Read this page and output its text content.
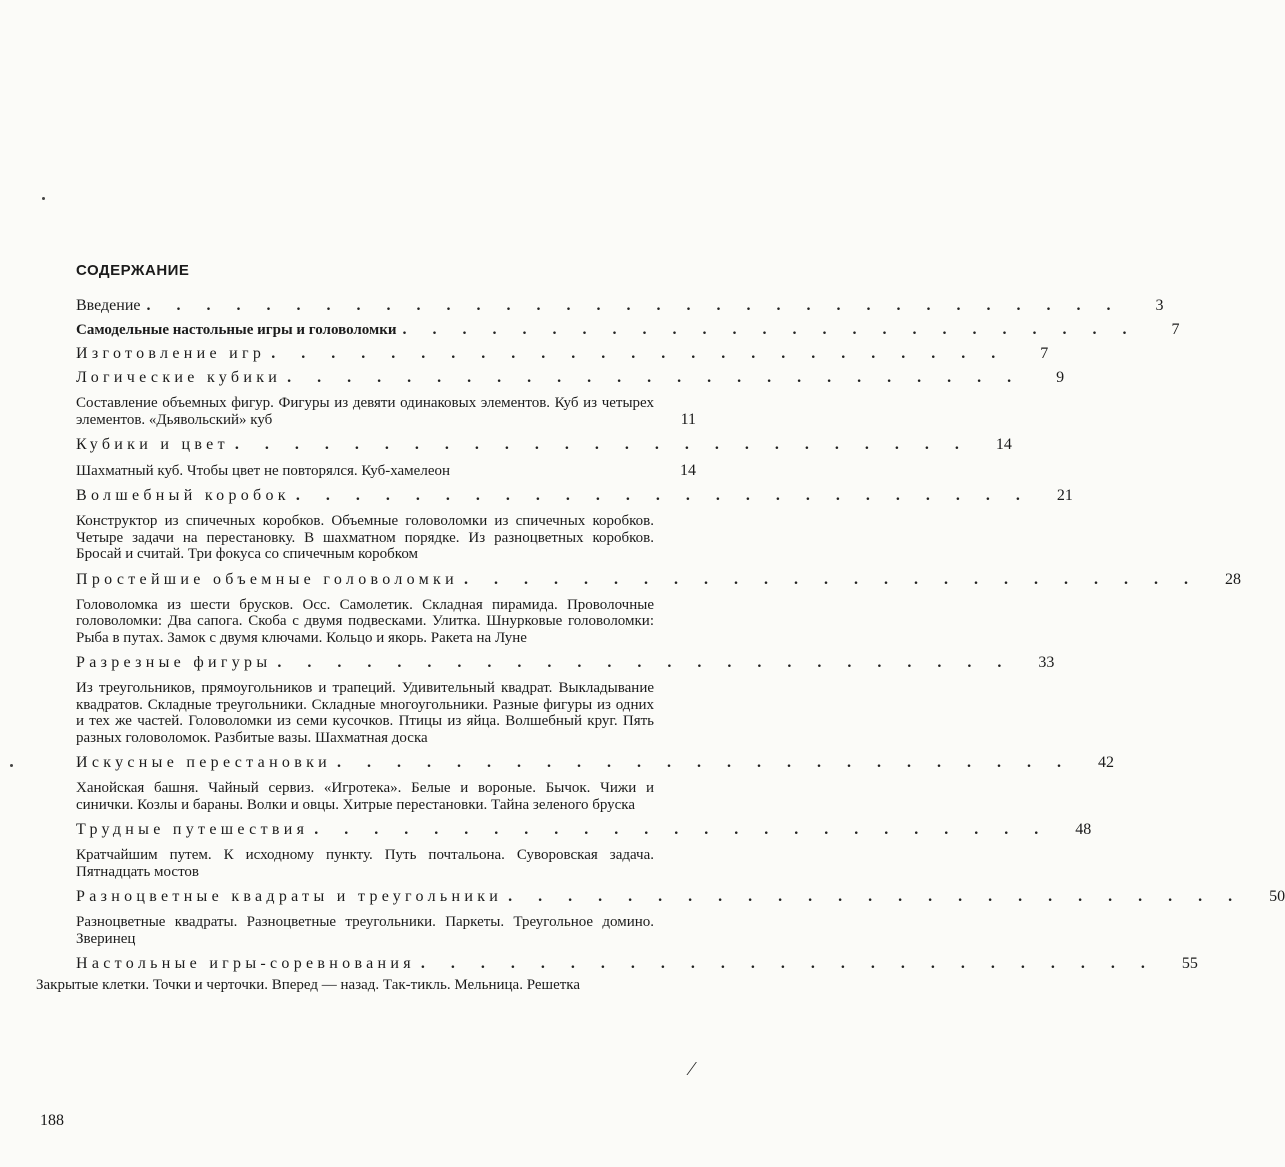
СОДЕРЖАНИЕ
Введение . . . . . . . . . . . . . . . . . . . . . . . . . . . . . . . . .	3
Самодельные настольные игры и головоломки . . . . . . . . . . . . . . . . . . . . . . . . .	7
Изготовление игр . . . . . . . . . . . . . . . . . . . . . . . . .	7
Логические кубики . . . . . . . . . . . . . . . . . . . . . . . . .	9
Составление объемных фигур. Фигуры из девяти одинаковых элементов. Куб из четырех элементов. «Дьявольский» куб	11
Кубики и цвет . . . . . . . . . . . . . . . . . . . . . . . . .	14
Шахматный куб. Чтобы цвет не повторялся. Куб-хамелеон	14
Волшебный коробок . . . . . . . . . . . . . . . . . . . . . . . . .	21
Конструктор из спичечных коробков. Объемные головоломки из спичечных коробков. Четыре задачи на перестановку. В шахматном порядке. Из разноцветных коробков. Бросай и считай. Три фокуса со спичечным коробком
Простейшие объемные головоломки . . . . . . . . . . . . . . . . . . . . . . . . .	28
Головоломка из шести брусков. Осс. Самолетик. Складная пирамида. Проволочные головоломки: Два сапога. Скоба с двумя подвесками. Улитка. Шнурковые головоломки: Рыба в путах. Замок с двумя ключами. Кольцо и якорь. Ракета на Луне
Разрезные фигуры . . . . . . . . . . . . . . . . . . . . . . . . .	33
Из треугольников, прямоугольников и трапеций. Удивительный квадрат. Выкладывание квадратов. Складные треугольники. Складные многоугольники. Разные фигуры из одних и тех же частей. Головоломки из семи кусочков. Птицы из яйца. Волшебный круг. Пять разных головоломок. Разбитые вазы. Шахматная доска
Искусные перестановки . . . . . . . . . . . . . . . . . . . . . . . . .	42
Ханойская башня. Чайный сервиз. «Игротека». Белые и вороные. Бычок. Чижи и синички. Козлы и бараны. Волки и овцы. Хитрые перестановки. Тайна зеленого бруска
Трудные путешествия . . . . . . . . . . . . . . . . . . . . . . . . .	48
Кратчайшим путем. К исходному пункту. Путь почтальона. Суворовская задача. Пятнадцать мостов
Разноцветные квадраты и треугольники . . . . . . . . . . . . . . . . . . . . . . . . .	50
Разноцветные квадраты. Разноцветные треугольники. Паркеты. Треугольное домино. Зверинец
Настольные игры-соревнования . . . . . . . . . . . . . . . . . . . . . . . . .	55
Закрытые клетки. Точки и черточки. Вперед — назад. Так-тикль. Мельница. Решетка
⁄
188
